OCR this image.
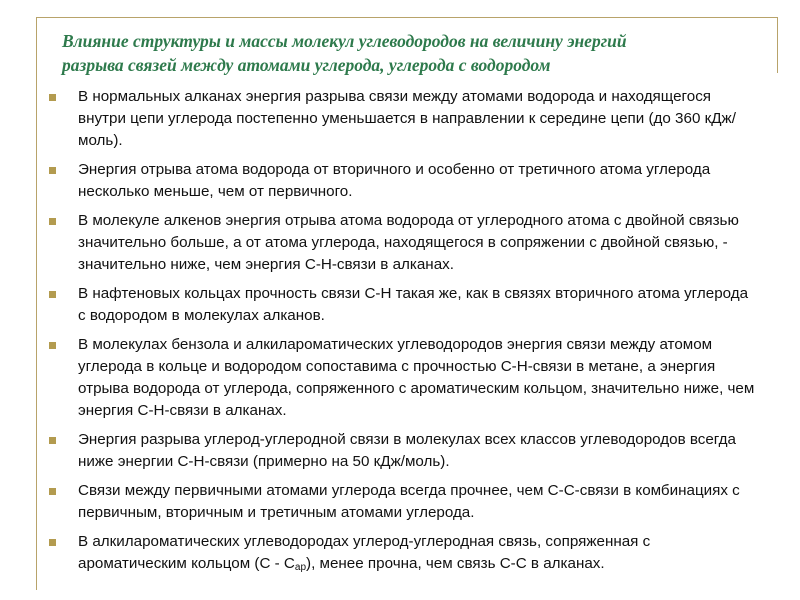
Влияние структуры и массы молекул углеводородов на величину энергий
разрыва связей между атомами углерода, углерода с водородом
В нормальных алканах энергия разрыва связи между атомами водорода и находящегося внутри цепи углерода постепенно уменьшается в направлении к середине цепи (до 360 кДж/моль).
Энергия отрыва атома водорода от вторичного и особенно от третичного атома углерода несколько меньше, чем от первичного.
В молекуле алкенов энергия отрыва атома водорода от углеродного атома с двойной связью значительно больше, а от атома углерода, находящегося в сопряжении с двойной связью, - значительно ниже, чем энергия С-Н-связи в алканах.
В нафтеновых кольцах прочность связи С-Н такая же, как в связях вторичного атома углерода с водородом в молекулах алканов.
В молекулах бензола и алкилароматических углеводородов энергия связи между атомом углерода в кольце и водородом сопоставима с прочностью С-Н-связи в метане, а энергия отрыва водорода от углерода, сопряженного с ароматическим кольцом, значительно ниже, чем энергия С-Н-связи в алканах.
Энергия разрыва углерод-углеродной связи в молекулах всех классов углеводородов всегда ниже энергии С-Н-связи (примерно на 50 кДж/моль).
Связи между первичными атомами углерода всегда прочнее, чем С-С-связи в комбинациях с первичным, вторичным и третичным атомами углерода.
В алкилароматических углеводородах углерод-углеродная связь, сопряженная с ароматическим кольцом $(С - С_{ар})$, менее прочна, чем связь С-С в алканах.
